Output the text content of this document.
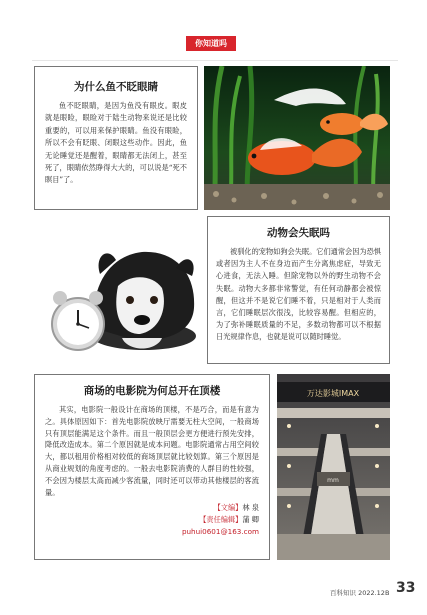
你知道吗
为什么鱼不眨眼睛
鱼不眨眼睛，是因为鱼没有眼皮。眼皮就是眼睑，眼睑对于陆生动物来说还是比较重要的，可以用来保护眼睛。鱼没有眼睑，所以不会有眨眼、闭眼这些动作。因此，鱼无论睡觉还是醒着，眼睛都无法闭上，甚至死了，眼睛依然睁得大大的，可以说是“死不瞑目”了。
动物会失眠吗
被驯化的宠物如狗会失眠。它们通常会因为恐惧或者因为主人不在身边而产生分离焦虑症，导致无心进食，无法入睡。但除宠物以外的野生动物不会失眠。动物大多都非常警觉，有任何动静都会被惊醒，但这并不是说它们睡不着，只是相对于人类而言，它们睡眠层次很浅，比较容易醒。但相应的，为了弥补睡眠质量的不足，多数动物都可以不根据日光规律作息，也就是说可以随时睡觉。
商场的电影院为何总开在顶楼
其实，电影院一般设计在商场的顶楼，不是巧合，而是有意为之。具体原因如下：首先电影院放映厅需要无柱大空间，一般商场只有顶层能满足这个条件。而且一般顶层会更方便进行预先安排，降低改造成本。第二个原因就是成本问题。电影院通常占用空间较大，都以租用价格相对较低的商场顶层就比较划算。第三个原因是从商业规划的角度考虑的。一般去电影院消费的人群目的性较强，不会因为楼层太高而减少客流量，同时还可以带动其他楼层的客流量。
【文编】林 泉
【责任编辑】蒲 卿
puhui0601@163.com
万达影城IMAX
mm
百科知识 2022.12B 33
